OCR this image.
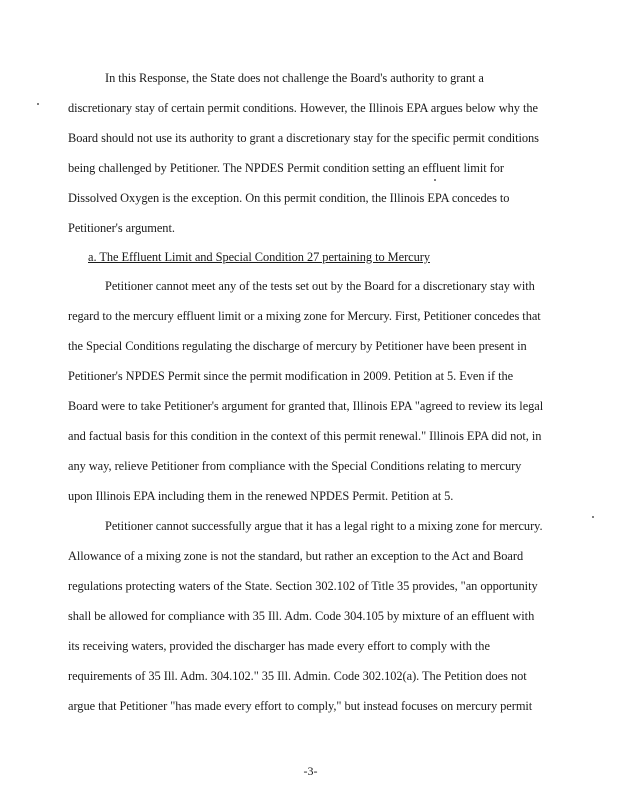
In this Response, the State does not challenge the Board's authority to grant a
discretionary stay of certain permit conditions. However, the Illinois EPA argues below why the
Board should not use its authority to grant a discretionary stay for the specific permit conditions
being challenged by Petitioner. The NPDES Permit condition setting an effluent limit for
Dissolved Oxygen is the exception. On this permit condition, the Illinois EPA concedes to
Petitioner's argument.
a. The Effluent Limit and Special Condition 27 pertaining to Mercury
Petitioner cannot meet any of the tests set out by the Board for a discretionary stay with
regard to the mercury effluent limit or a mixing zone for Mercury. First, Petitioner concedes that
the Special Conditions regulating the discharge of mercury by Petitioner have been present in
Petitioner's NPDES Permit since the permit modification in 2009. Petition at 5. Even if the
Board were to take Petitioner's argument for granted that, Illinois EPA "agreed to review its legal
and factual basis for this condition in the context of this permit renewal." Illinois EPA did not, in
any way, relieve Petitioner from compliance with the Special Conditions relating to mercury
upon Illinois EPA including them in the renewed NPDES Permit. Petition at 5.
Petitioner cannot successfully argue that it has a legal right to a mixing zone for mercury.
Allowance of a mixing zone is not the standard, but rather an exception to the Act and Board
regulations protecting waters of the State. Section 302.102 of Title 35 provides, "an opportunity
shall be allowed for compliance with 35 Ill. Adm. Code 304.105 by mixture of an effluent with
its receiving waters, provided the discharger has made every effort to comply with the
requirements of 35 Ill. Adm. 304.102." 35 Ill. Admin. Code 302.102(a). The Petition does not
argue that Petitioner "has made every effort to comply," but instead focuses on mercury permit
-3-
